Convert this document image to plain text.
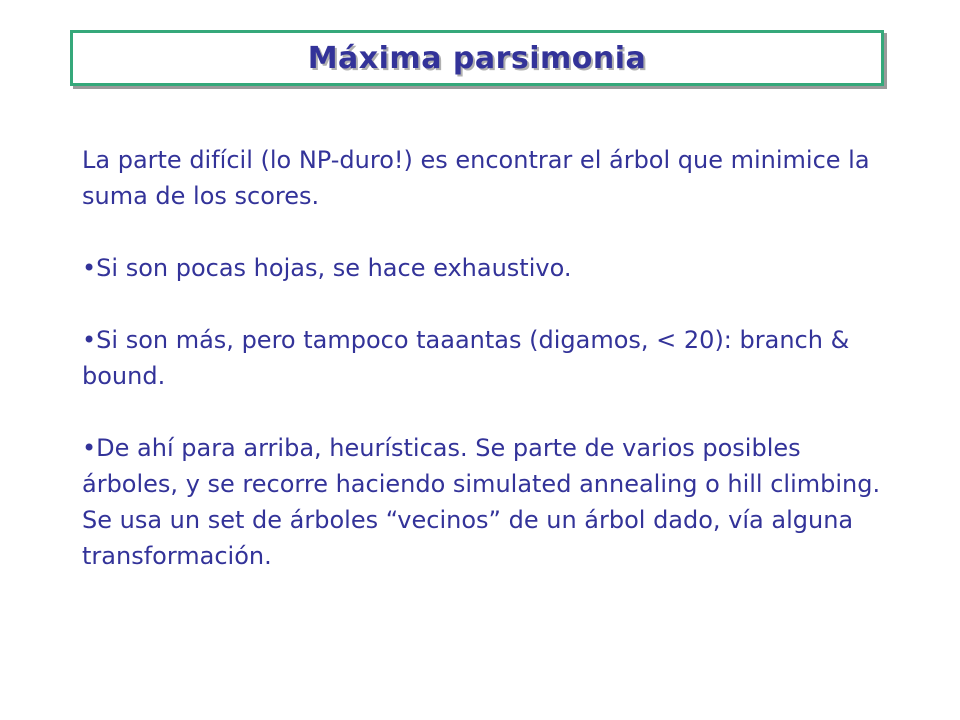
Máxima parsimonia

La parte difícil (lo NP-duro!) es encontrar el árbol que minimice la suma de los scores.

•Si son pocas hojas, se hace exhaustivo.

•Si son más, pero tampoco taaantas (digamos, < 20): branch & bound.

•De ahí para arriba, heurísticas. Se parte de varios posibles árboles, y se recorre haciendo simulated annealing o hill climbing. Se usa un set de árboles “vecinos” de un árbol dado, vía alguna transformación.
